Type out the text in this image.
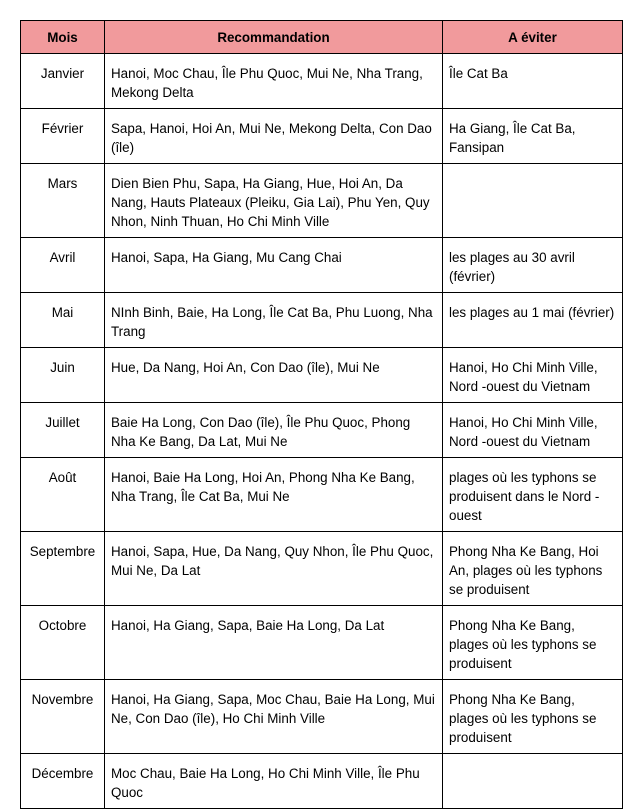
Mois	Recommandation	A éviter
Janvier	Hanoi, Moc Chau, Île Phu Quoc, Mui Ne, Nha Trang, Mekong Delta	Île Cat Ba
Février	Sapa, Hanoi, Hoi An, Mui Ne, Mekong Delta, Con Dao (île)	Ha Giang, Île Cat Ba, Fansipan
Mars	Dien Bien Phu, Sapa, Ha Giang, Hue, Hoi An, Da Nang, Hauts Plateaux (Pleiku, Gia Lai), Phu Yen, Quy Nhon, Ninh Thuan, Ho Chi Minh Ville	
Avril	Hanoi, Sapa, Ha Giang, Mu Cang Chai	les plages au 30 avril (février)
Mai	NInh Binh, Baie, Ha Long, Île Cat Ba, Phu Luong, Nha Trang	les plages au 1 mai (février)
Juin	Hue, Da Nang, Hoi An, Con Dao (île), Mui Ne	Hanoi, Ho Chi Minh Ville, Nord -ouest du Vietnam
Juillet	Baie Ha Long, Con Dao (île), Île Phu Quoc, Phong Nha Ke Bang, Da Lat, Mui Ne	Hanoi, Ho Chi Minh Ville, Nord -ouest du Vietnam
Août	Hanoi, Baie Ha Long, Hoi An, Phong Nha Ke Bang, Nha Trang, Île Cat Ba, Mui Ne	plages où les typhons se produisent dans le Nord - ouest
Septembre	Hanoi, Sapa, Hue, Da Nang, Quy Nhon, Île Phu Quoc, Mui Ne, Da Lat	Phong Nha Ke Bang, Hoi An, plages où les typhons se produisent
Octobre	Hanoi, Ha Giang, Sapa, Baie Ha Long, Da Lat	Phong Nha Ke Bang, plages où les typhons se produisent
Novembre	Hanoi, Ha Giang, Sapa, Moc Chau, Baie Ha Long, Mui Ne, Con Dao (île), Ho Chi Minh Ville	Phong Nha Ke Bang, plages où les typhons se produisent
Décembre	Moc Chau, Baie Ha Long, Ho Chi Minh Ville, Île Phu Quoc	
